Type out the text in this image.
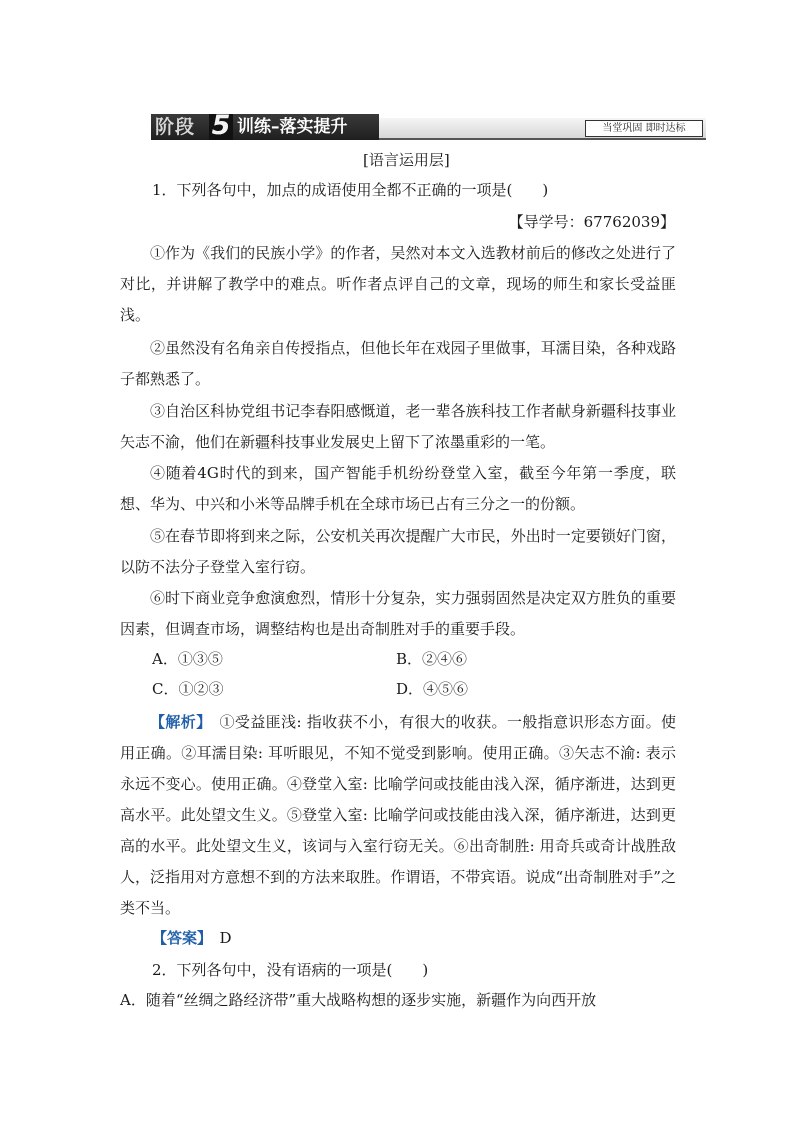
阶段 5 训练–落实提升	当堂巩固 即时达标
[语言运用层]
1．下列各句中，加点的成语使用全都不正确的一项是(　　)
【导学号：67762039】
①作为《我们的民族小学》的作者，吴然对本文入选教材前后的修改之处进行了对比，并讲解了教学中的难点。听作者点评自己的文章，现场的师生和家长受益匪浅。
②虽然没有名角亲自传授指点，但他长年在戏园子里做事，耳濡目染，各种戏路子都熟悉了。
③自治区科协党组书记李春阳感慨道，老一辈各族科技工作者献身新疆科技事业矢志不渝，他们在新疆科技事业发展史上留下了浓墨重彩的一笔。
④随着4G时代的到来，国产智能手机纷纷登堂入室，截至今年第一季度，联想、华为、中兴和小米等品牌手机在全球市场已占有三分之一的份额。
⑤在春节即将到来之际，公安机关再次提醒广大市民，外出时一定要锁好门窗，以防不法分子登堂入室行窃。
⑥时下商业竞争愈演愈烈，情形十分复杂，实力强弱固然是决定双方胜负的重要因素，但调查市场，调整结构也是出奇制胜对手的重要手段。
A．①③⑤	B．②④⑥
C．①②③	D．④⑤⑥
【解析】　 ①受益匪浅: 指收获不小，有很大的收获。一般指意识形态方面。使用正确。②耳濡目染: 耳听眼见，不知不觉受到影响。使用正确。③矢志不渝: 表示永远不变心。使用正确。④登堂入室: 比喻学问或技能由浅入深，循序渐进，达到更高水平。此处望文生义。⑤登堂入室: 比喻学问或技能由浅入深，循序渐进，达到更高的水平。此处望文生义，该词与入室行窃无关。⑥出奇制胜: 用奇兵或奇计战胜敌人，泛指用对方意想不到的方法来取胜。作谓语，不带宾语。说成“出奇制胜对手”之类不当。
【答案】　 D
2．下列各句中，没有语病的一项是(　　)
A．随着“丝绸之路经济带”重大战略构想的逐步实施，新疆作为向西开放
